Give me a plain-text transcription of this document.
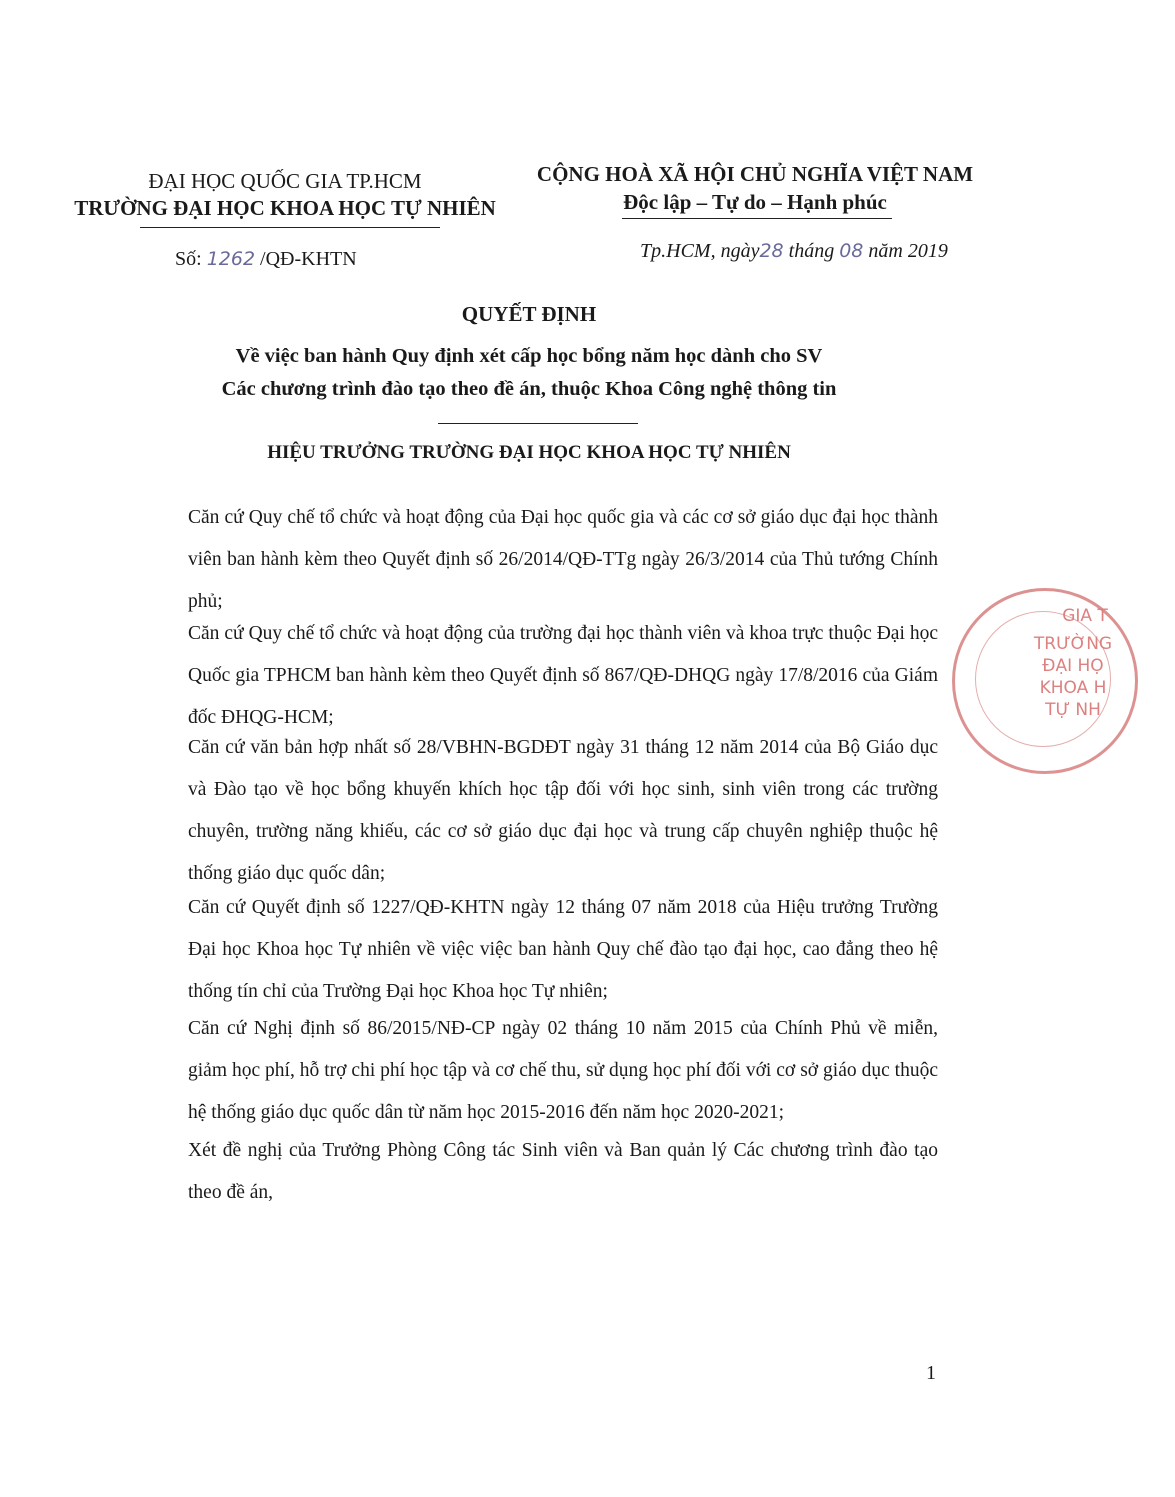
ĐẠI HỌC QUỐC GIA TP.HCM
TRƯỜNG ĐẠI HỌC KHOA HỌC TỰ NHIÊN
CỘNG HOÀ XÃ HỘI CHỦ NGHĨA VIỆT NAM
Độc lập – Tự do – Hạnh phúc
Số: 1262 /QĐ-KHTN	Tp.HCM, ngày28 tháng 08 năm 2019
QUYẾT ĐỊNH
Về việc ban hành Quy định xét cấp học bổng năm học dành cho SV
Các chương trình đào tạo theo đề án, thuộc Khoa Công nghệ thông tin
HIỆU TRƯỞNG TRƯỜNG ĐẠI HỌC KHOA HỌC TỰ NHIÊN
Căn cứ Quy chế tổ chức và hoạt động của Đại học quốc gia và các cơ sở giáo dục đại học thành viên ban hành kèm theo Quyết định số 26/2014/QĐ-TTg ngày 26/3/2014 của Thủ tướng Chính phủ;
Căn cứ Quy chế tổ chức và hoạt động của trường đại học thành viên và khoa trực thuộc Đại học Quốc gia TPHCM ban hành kèm theo Quyết định số 867/QĐ-DHQG ngày 17/8/2016 của Giám đốc ĐHQG-HCM;
Căn cứ văn bản hợp nhất số 28/VBHN-BGDĐT ngày 31 tháng 12 năm 2014 của Bộ Giáo dục và Đào tạo về học bổng khuyến khích học tập đối với học sinh, sinh viên trong các trường chuyên, trường năng khiếu, các cơ sở giáo dục đại học và trung cấp chuyên nghiệp thuộc hệ thống giáo dục quốc dân;
Căn cứ Quyết định số 1227/QĐ-KHTN ngày 12 tháng 07 năm 2018 của Hiệu trưởng Trường Đại học Khoa học Tự nhiên về việc việc ban hành Quy chế đào tạo đại học, cao đẳng theo hệ thống tín chỉ của Trường Đại học Khoa học Tự nhiên;
Căn cứ Nghị định số 86/2015/NĐ-CP ngày 02 tháng 10 năm 2015 của Chính Phủ về miễn, giảm học phí, hỗ trợ chi phí học tập và cơ chế thu, sử dụng học phí đối với cơ sở giáo dục thuộc hệ thống giáo dục quốc dân từ năm học 2015-2016 đến năm học 2020-2021;
Xét đề nghị của Trưởng Phòng Công tác Sinh viên và Ban quản lý Các chương trình đào tạo theo đề án,
GIA T
TRƯỜNG
ĐẠI HỌ
KHOA H
TỰ NH
1
